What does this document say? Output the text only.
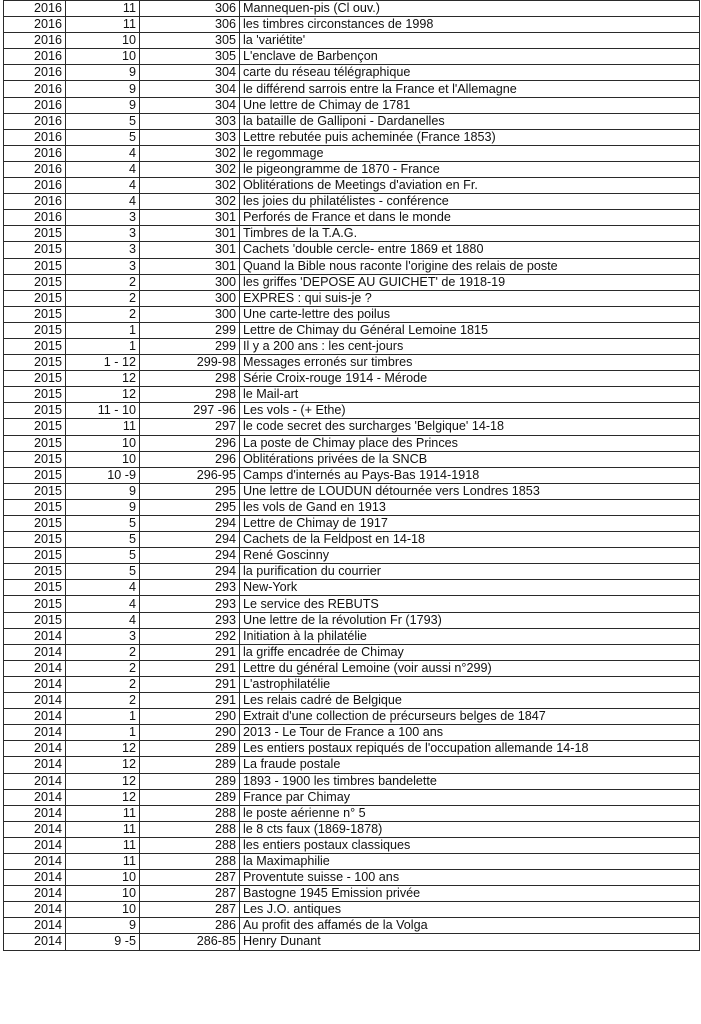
2016	11	306	Mannequen-pis (Cl ouv.)
2016	11	306	les timbres circonstances de 1998
2016	10	305	la 'variétite'
2016	10	305	L'enclave de Barbençon
2016	9	304	carte du réseau télégraphique
2016	9	304	le différend sarrois entre la France et l'Allemagne
2016	9	304	Une lettre de Chimay de 1781
2016	5	303	la bataille de Galliponi - Dardanelles
2016	5	303	Lettre rebutée puis acheminée (France 1853)
2016	4	302	le regommage
2016	4	302	le pigeongramme de 1870 - France
2016	4	302	Oblitérations de Meetings d'aviation en Fr.
2016	4	302	les joies du philatélistes - conférence
2016	3	301	Perforés de France et dans le monde
2015	3	301	Timbres de la T.A.G.
2015	3	301	Cachets 'double cercle- entre 1869 et 1880
2015	3	301	Quand la Bible nous raconte l'origine des relais de poste
2015	2	300	les griffes 'DEPOSE AU GUICHET' de 1918-19
2015	2	300	EXPRES : qui suis-je ?
2015	2	300	Une carte-lettre des poilus
2015	1	299	Lettre de Chimay du Général Lemoine 1815
2015	1	299	Il y a 200 ans : les cent-jours
2015	1 - 12	299-98	Messages erronés sur timbres
2015	12	298	Série Croix-rouge 1914 - Mérode
2015	12	298	le Mail-art
2015	11 - 10	297 -96	Les vols - (+ Ethe)
2015	11	297	le code secret des surcharges 'Belgique' 14-18
2015	10	296	La poste de Chimay place des Princes
2015	10	296	Oblitérations privées de la SNCB
2015	10 -9	296-95	Camps d'internés au Pays-Bas 1914-1918
2015	9	295	Une lettre de LOUDUN détournée vers Londres 1853
2015	9	295	les vols de Gand en 1913
2015	5	294	Lettre de Chimay de 1917
2015	5	294	Cachets de la Feldpost en 14-18
2015	5	294	René Goscinny
2015	5	294	la purification du courrier
2015	4	293	New-York
2015	4	293	Le service des REBUTS
2015	4	293	Une lettre de la révolution Fr (1793)
2014	3	292	Initiation à la philatélie
2014	2	291	la griffe encadrée de Chimay
2014	2	291	Lettre du général Lemoine (voir aussi n°299)
2014	2	291	L'astrophilatélie
2014	2	291	Les relais cadré de Belgique
2014	1	290	Extrait d'une collection de précurseurs belges de 1847
2014	1	290	2013 - Le Tour de France a 100 ans
2014	12	289	Les entiers postaux repiqués de l'occupation allemande 14-18
2014	12	289	La fraude postale
2014	12	289	1893 - 1900 les timbres bandelette
2014	12	289	France par Chimay
2014	11	288	le poste aérienne n° 5
2014	11	288	le 8 cts faux (1869-1878)
2014	11	288	les entiers postaux classiques
2014	11	288	la Maximaphilie
2014	10	287	Proventute suisse - 100 ans
2014	10	287	Bastogne 1945 Emission privée
2014	10	287	Les J.O. antiques
2014	9	286	Au profit des affamés de la Volga
2014	9 -5	286-85	Henry Dunant
